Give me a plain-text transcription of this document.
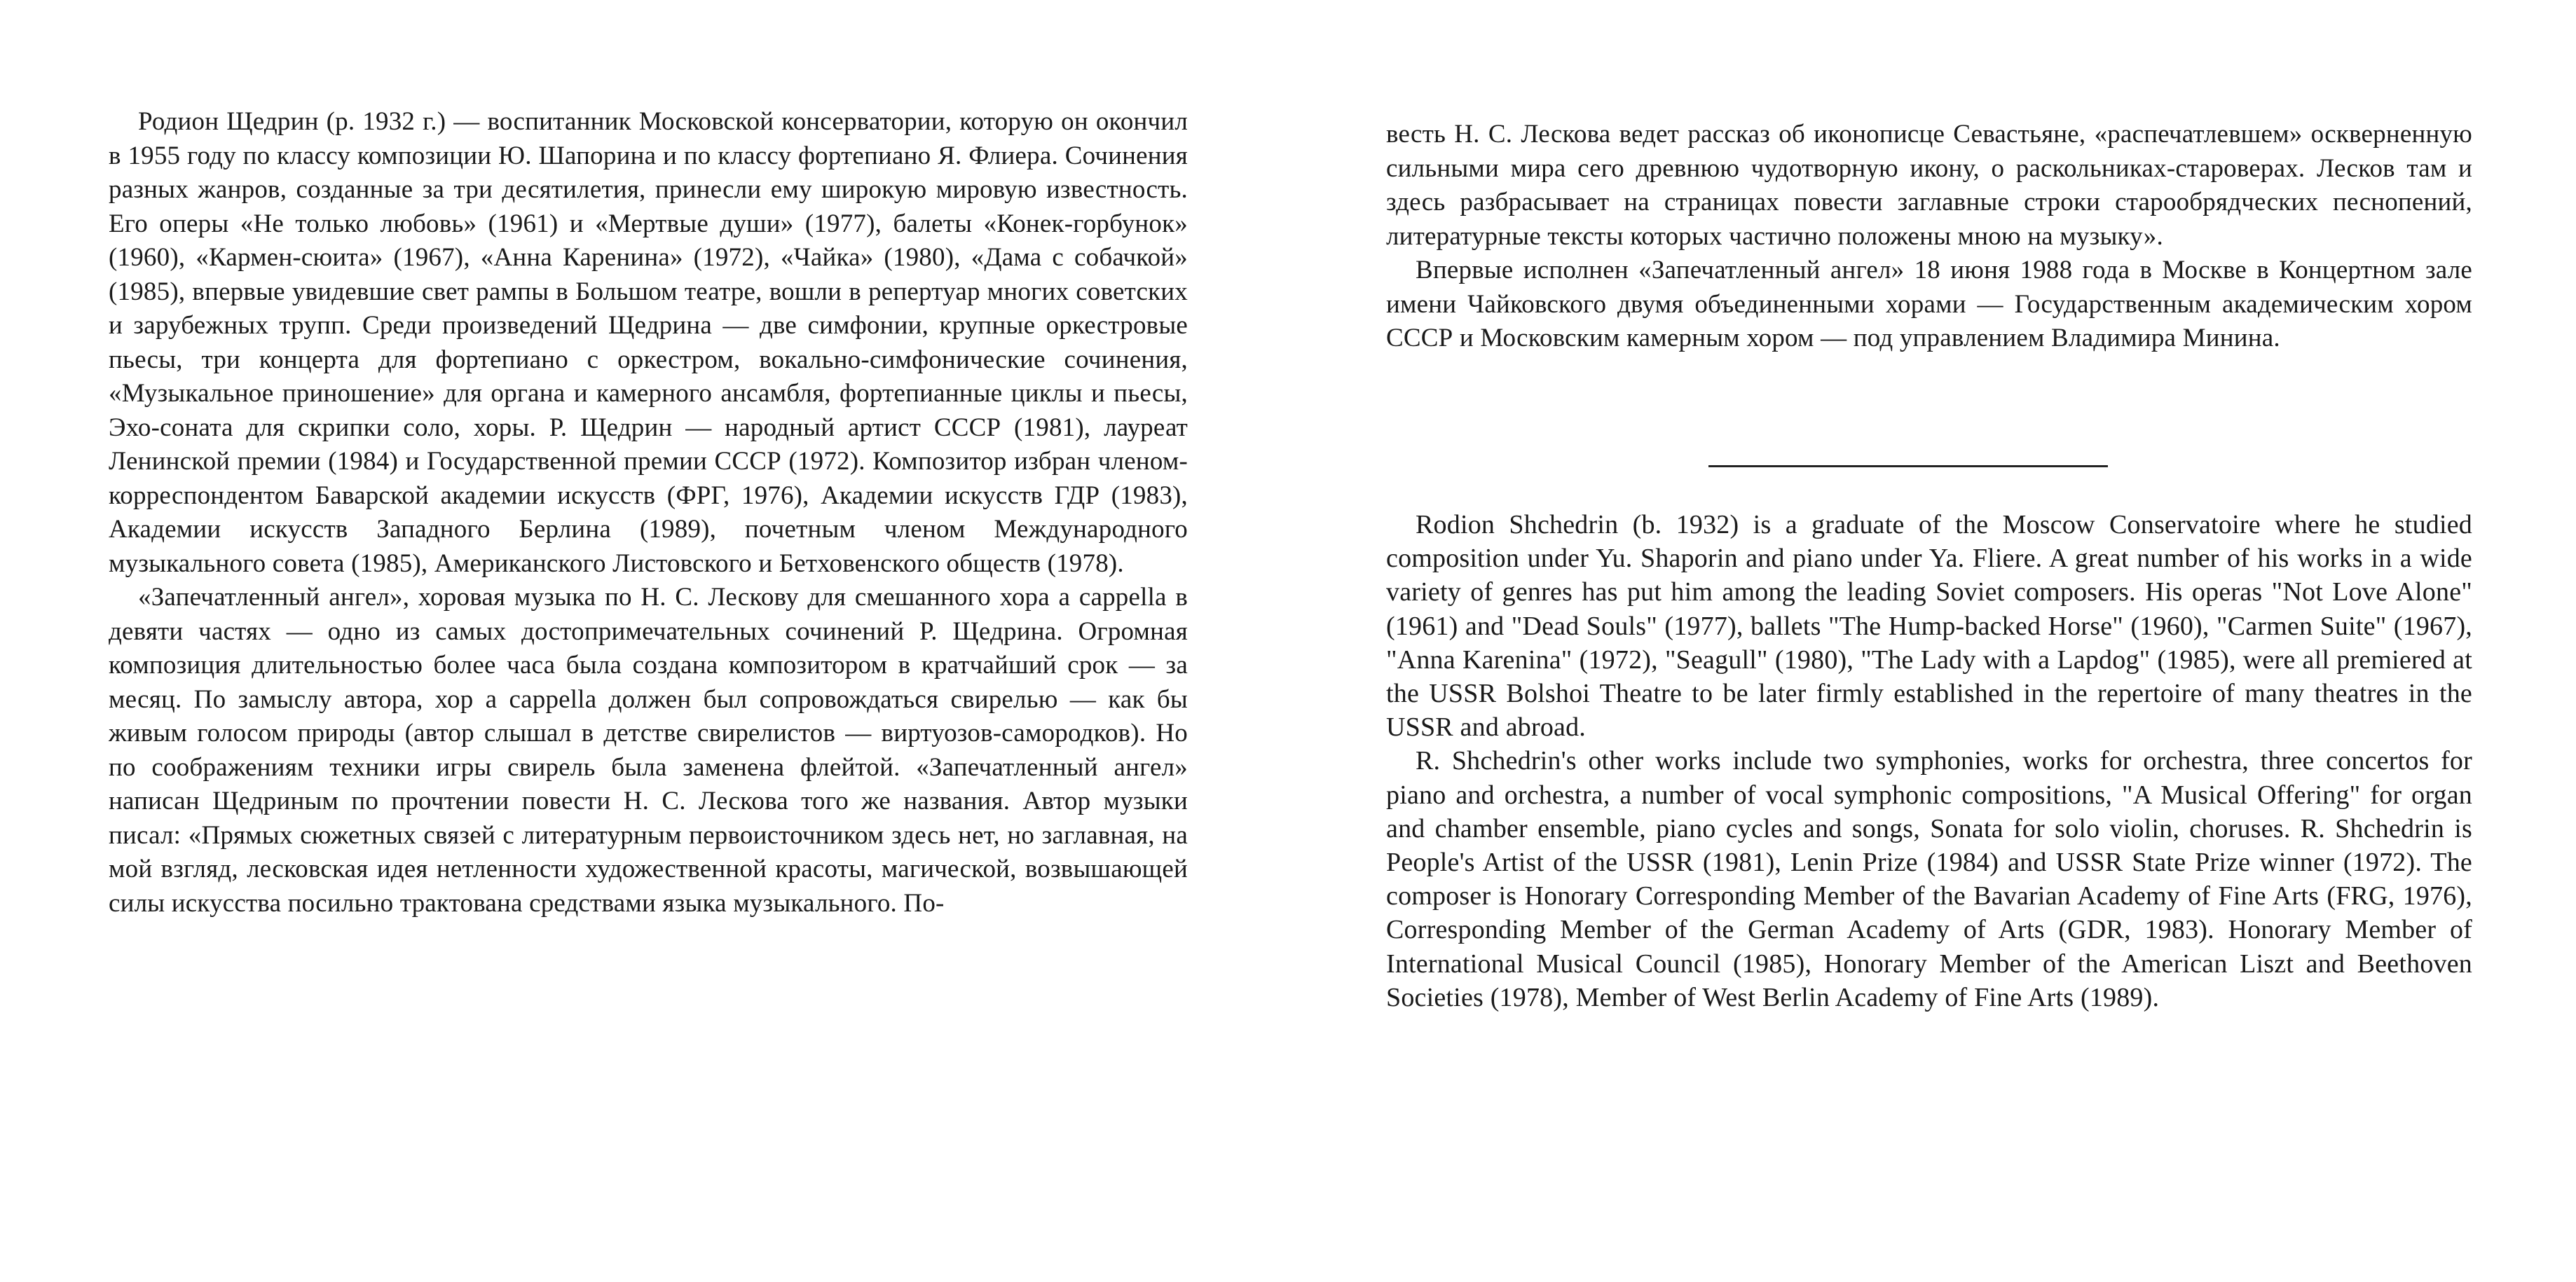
Родион Щедрин (р. 1932 г.) — воспитанник Московской консерватории, которую он окончил в 1955 году по классу композиции Ю. Шапорина и по классу фортепиано Я. Флиера. Сочинения разных жанров, созданные за три десятилетия, принесли ему широкую мировую известность. Его оперы «Не только любовь» (1961) и «Мертвые души» (1977), балеты «Конек-горбунок» (1960), «Кармен-сюита» (1967), «Анна Каренина» (1972), «Чайка» (1980), «Дама с собачкой» (1985), впервые увидевшие свет рампы в Большом театре, вошли в репертуар многих советских и зарубежных трупп. Среди произведений Щедрина — две симфонии, крупные оркестровые пьесы, три концерта для фортепиано с оркестром, вокально-симфонические сочинения, «Музыкальное приношение» для органа и камерного ансамбля, фортепианные циклы и пьесы, Эхо-соната для скрипки соло, хоры. Р. Щедрин — народный артист СССР (1981), лауреат Ленинской премии (1984) и Государственной премии СССР (1972). Композитор избран членом-корреспондентом Баварской академии искусств (ФРГ, 1976), Академии искусств ГДР (1983), Академии искусств Западного Берлина (1989), почетным членом Международного музыкального совета (1985), Американского Листовского и Бетховенского обществ (1978).

«Запечатленный ангел», хоровая музыка по Н. С. Лескову для смешанного хора a cappella в девяти частях — одно из самых достопримечательных сочинений Р. Щедрина. Огромная композиция длительностью более часа была создана композитором в кратчайший срок — за месяц. По замыслу автора, хор a cappella должен был сопровождаться свирелью — как бы живым голосом природы (автор слышал в детстве свирелистов — виртуозов-самородков). Но по соображениям техники игры свирель была заменена флейтой. «Запечатленный ангел» написан Щедриным по прочтении повести Н. С. Лескова того же названия. Автор музыки писал: «Прямых сюжетных связей с литературным первоисточником здесь нет, но заглавная, на мой взгляд, лесковская идея нетленности художественной красоты, магической, возвышающей силы искусства посильно трактована средствами языка музыкального. По-

весть Н. С. Лескова ведет рассказ об иконописце Севастьяне, «распечатлевшем» оскверненную сильными мира сего древнюю чудотворную икону, о раскольниках-староверах. Лесков там и здесь разбрасывает на страницах повести заглавные строки старообрядческих песнопений, литературные тексты которых частично положены мною на музыку».

Впервые исполнен «Запечатленный ангел» 18 июня 1988 года в Москве в Концертном зале имени Чайковского двумя объединенными хорами — Государственным академическим хором СССР и Московским камерным хором — под управлением Владимира Минина.

Rodion Shchedrin (b. 1932) is a graduate of the Moscow Conservatoire where he studied composition under Yu. Shaporin and piano under Ya. Fliere. A great number of his works in a wide variety of genres has put him among the leading Soviet composers. His operas "Not Love Alone" (1961) and "Dead Souls" (1977), ballets "The Hump-backed Horse" (1960), "Carmen Suite" (1967), "Anna Karenina" (1972), "Seagull" (1980), "The Lady with a Lapdog" (1985), were all premiered at the USSR Bolshoi Theatre to be later firmly established in the repertoire of many theatres in the USSR and abroad.

R. Shchedrin's other works include two symphonies, works for orchestra, three concertos for piano and orchestra, a number of vocal symphonic compositions, "A Musical Offering" for organ and chamber ensemble, piano cycles and songs, Sonata for solo violin, choruses. R. Shchedrin is People's Artist of the USSR (1981), Lenin Prize (1984) and USSR State Prize winner (1972). The composer is Honorary Corresponding Member of the Bavarian Academy of Fine Arts (FRG, 1976), Corresponding Member of the German Academy of Arts (GDR, 1983). Honorary Member of International Musical Council (1985), Honorary Member of the American Liszt and Beethoven Societies (1978), Member of West Berlin Academy of Fine Arts (1989).
